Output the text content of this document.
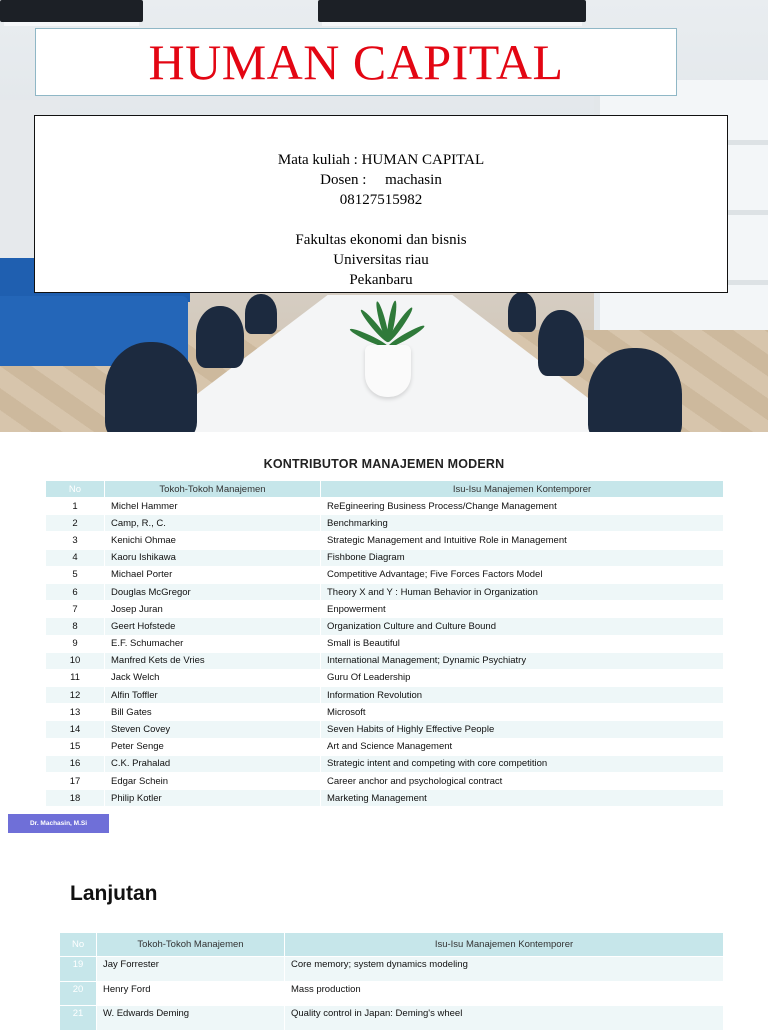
HUMAN CAPITAL
Mata kuliah : HUMAN CAPITAL
Dosen :     machasin
08127515982
Fakultas ekonomi dan bisnis
Universitas riau
Pekanbaru
KONTRIBUTOR MANAJEMEN MODERN
No	Tokoh-Tokoh Manajemen	Isu-Isu Manajemen Kontemporer
1	Michel Hammer	ReEgineering Business Process/Change Management
2	Camp, R., C.	Benchmarking
3	Kenichi Ohmae	Strategic Management and Intuitive Role in Management
4	Kaoru Ishikawa	Fishbone Diagram
5	Michael Porter	Competitive Advantage; Five Forces Factors Model
6	Douglas McGregor	Theory X and Y : Human Behavior in Organization
7	Josep Juran	Enpowerment
8	Geert Hofstede	Organization Culture and Culture Bound
9	E.F. Schumacher	Small is Beautiful
10	Manfred Kets de Vries	International Management; Dynamic Psychiatry
11	Jack Welch	Guru Of Leadership
12	Alfin Toffler	Information Revolution
13	Bill Gates	Microsoft
14	Steven Covey	Seven Habits of Highly Effective People
15	Peter Senge	Art and Science Management
16	C.K. Prahalad	Strategic intent and competing with core competition
17	Edgar Schein	Career anchor and psychological contract
18	Philip Kotler	Marketing Management
Dr. Machasin, M.Si
Lanjutan
No	Tokoh-Tokoh Manajemen	Isu-Isu Manajemen Kontemporer
19	Jay Forrester	Core memory; system dynamics modeling
20	Henry Ford	Mass production
21	W. Edwards Deming	Quality control in Japan: Deming's wheel
